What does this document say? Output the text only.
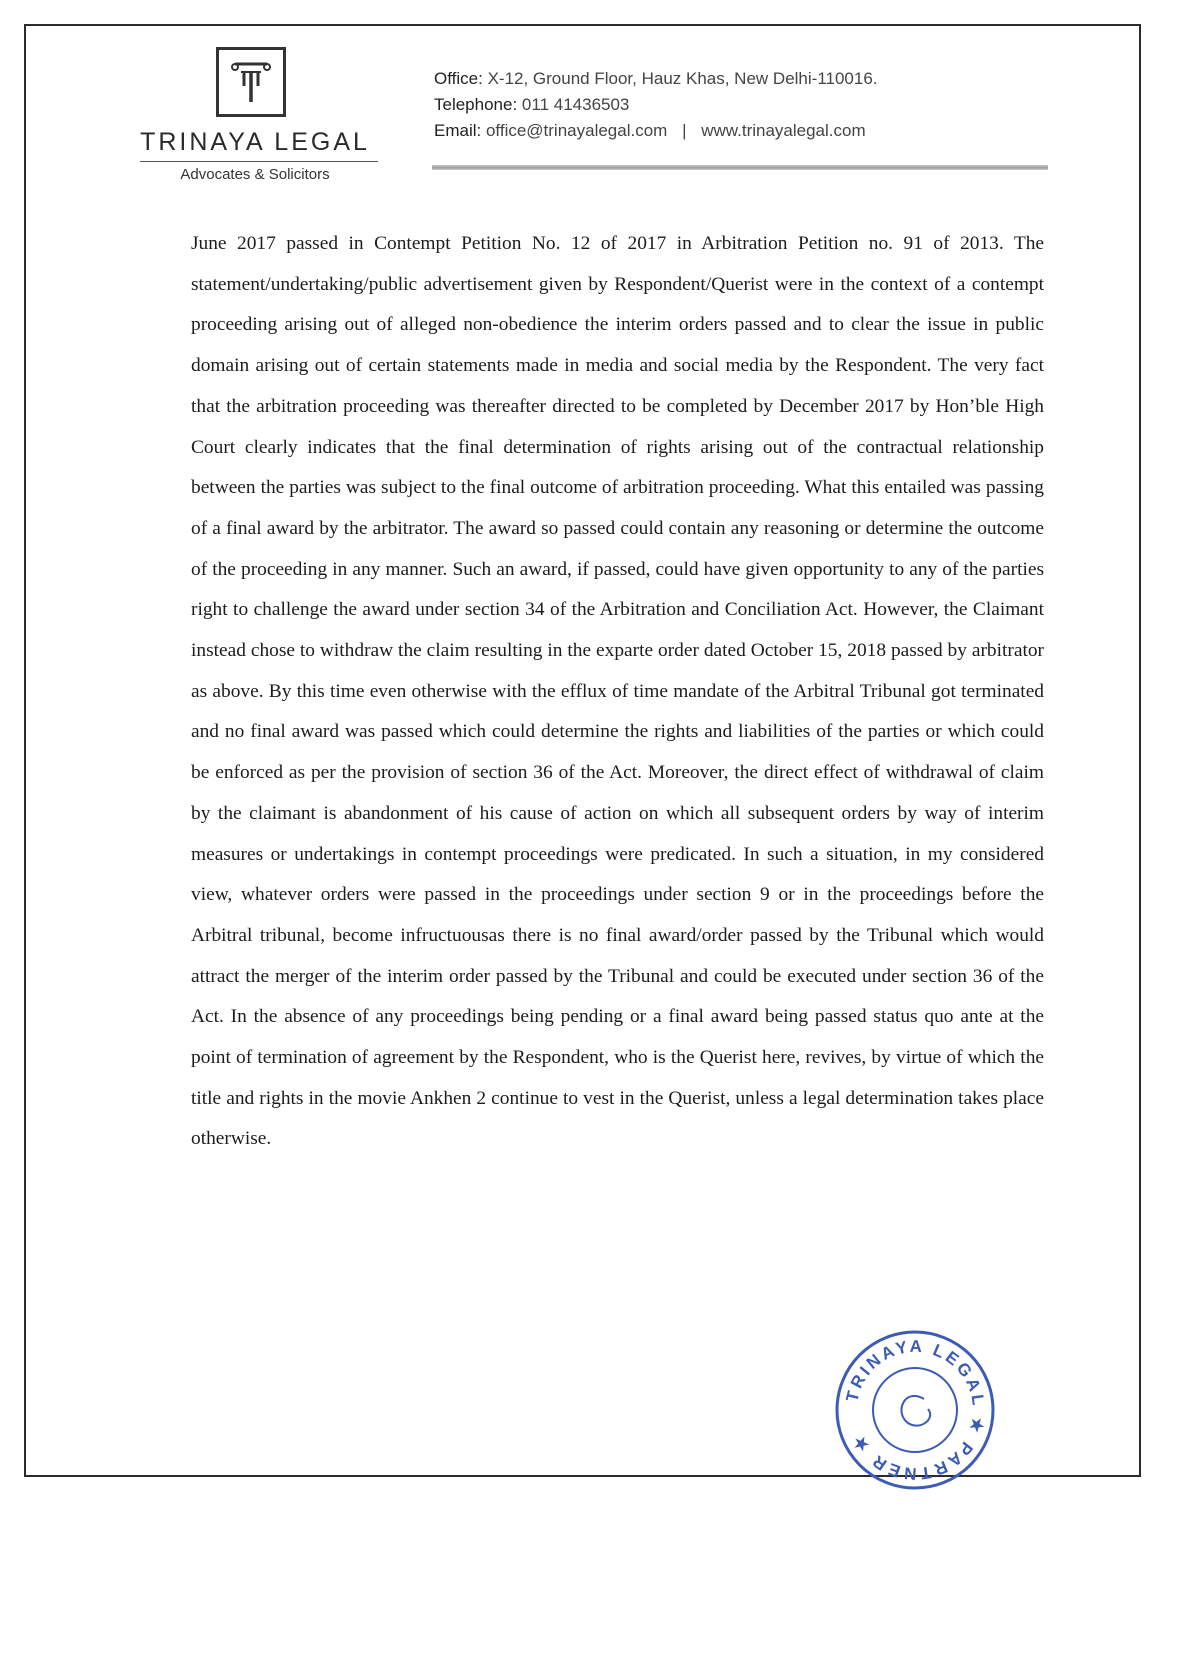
TRINAYA LEGAL
Advocates & Solicitors
Office: X-12, Ground Floor, Hauz Khas, New Delhi-110016.
Telephone: 011 41436503
Email: office@trinayalegal.com | www.trinayalegal.com
June 2017 passed in Contempt Petition No. 12 of 2017 in Arbitration Petition no. 91 of 2013. The statement/undertaking/public advertisement given by Respondent/Querist were in the context of a contempt proceeding arising out of alleged non-obedience the interim orders passed and to clear the issue in public domain arising out of certain statements made in media and social media by the Respondent. The very fact that the arbitration proceeding was thereafter directed to be completed by December 2017 by Hon’ble High Court clearly indicates that the final determination of rights arising out of the contractual relationship between the parties was subject to the final outcome of arbitration proceeding. What this entailed was passing of a final award by the arbitrator. The award so passed could contain any reasoning or determine the outcome of the proceeding in any manner. Such an award, if passed, could have given opportunity to any of the parties right to challenge the award under section 34 of the Arbitration and Conciliation Act. However, the Claimant instead chose to withdraw the claim resulting in the exparte order dated October 15, 2018 passed by arbitrator as above. By this time even otherwise with the efflux of time mandate of the Arbitral Tribunal got terminated and no final award was passed which could determine the rights and liabilities of the parties or which could be enforced as per the provision of section 36 of the Act. Moreover, the direct effect of withdrawal of claim by the claimant is abandonment of his cause of action on which all subsequent orders by way of interim measures or undertakings in contempt proceedings were predicated. In such a situation, in my considered view, whatever orders were passed in the proceedings under section 9 or in the proceedings before the Arbitral tribunal, become infructuousas there is no final award/order passed by the Tribunal which would attract the merger of the interim order passed by the Tribunal and could be executed under section 36 of the Act. In the absence of any proceedings being pending or a final award being passed status quo ante at the point of termination of agreement by the Respondent, who is the Querist here, revives, by virtue of which the title and rights in the movie Ankhen 2 continue to vest in the Querist, unless a legal determination takes place otherwise.
TRINAYA LEGAL ★ PARTNER ★
